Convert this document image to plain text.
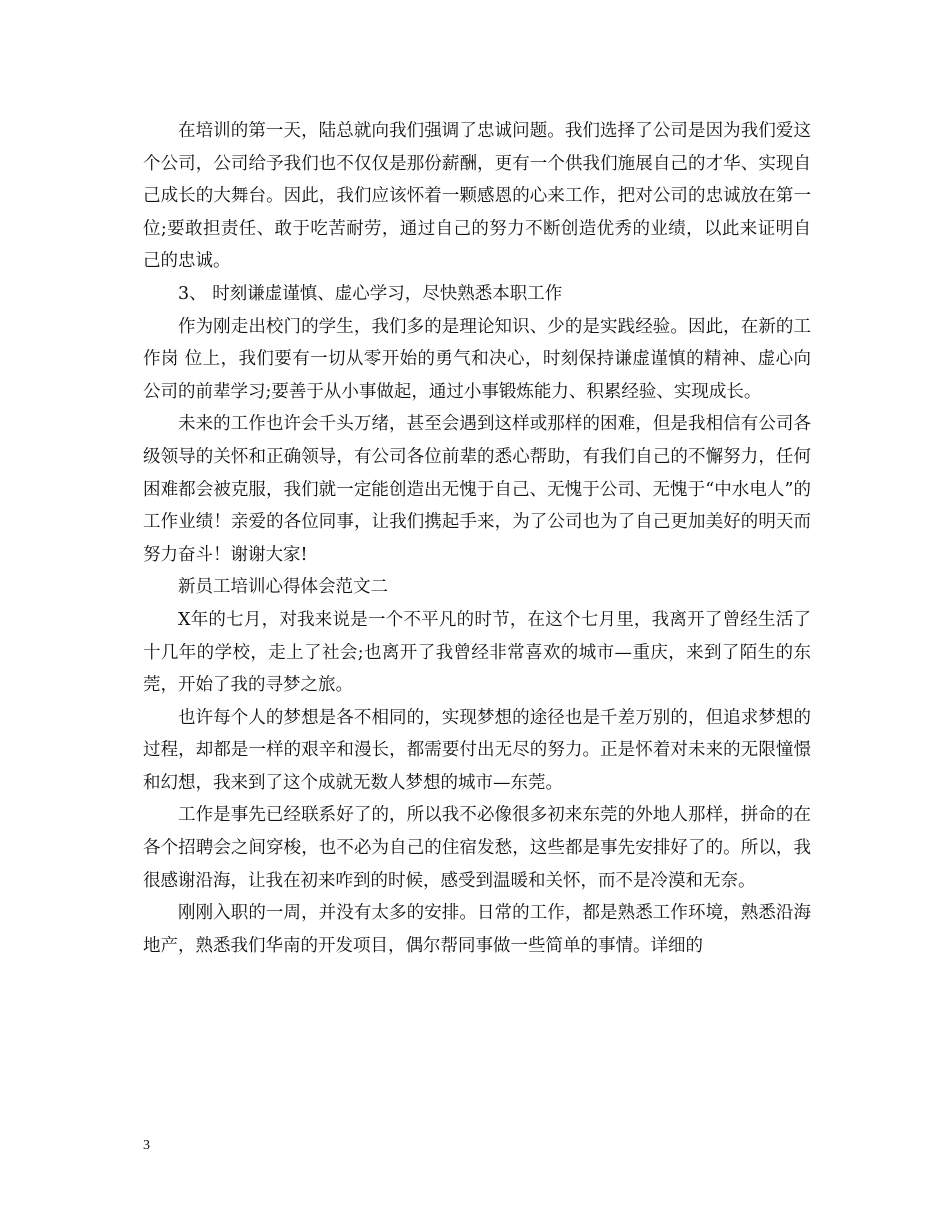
在培训的第一天，陆总就向我们强调了忠诚问题。我们选择了公司是因为我们爱这个公司，公司给予我们也不仅仅是那份薪酬，更有一个供我们施展自己的才华、实现自己成长的大舞台。因此，我们应该怀着一颗感恩的心来工作，把对公司的忠诚放在第一位;要敢担责任、敢于吃苦耐劳，通过自己的努力不断创造优秀的业绩，以此来证明自己的忠诚。

3、 时刻谦虚谨慎、虚心学习，尽快熟悉本职工作

作为刚走出校门的学生，我们多的是理论知识、少的是实践经验。因此，在新的工作岗 位上，我们要有一切从零开始的勇气和决心，时刻保持谦虚谨慎的精神、虚心向公司的前辈学习;要善于从小事做起，通过小事锻炼能力、积累经验、实现成长。

未来的工作也许会千头万绪，甚至会遇到这样或那样的困难，但是我相信有公司各级领导的关怀和正确领导，有公司各位前辈的悉心帮助，有我们自己的不懈努力，任何困难都会被克服，我们就一定能创造出无愧于自己、无愧于公司、无愧于“中水电人”的工作业绩！亲爱的各位同事，让我们携起手来，为了公司也为了自己更加美好的明天而努力奋斗！谢谢大家!

新员工培训心得体会范文二

X年的七月，对我来说是一个不平凡的时节，在这个七月里，我离开了曾经生活了十几年的学校，走上了社会;也离开了我曾经非常喜欢的城市—重庆，来到了陌生的东莞，开始了我的寻梦之旅。

也许每个人的梦想是各不相同的，实现梦想的途径也是千差万别的，但追求梦想的过程，却都是一样的艰辛和漫长，都需要付出无尽的努力。正是怀着对未来的无限憧憬和幻想，我来到了这个成就无数人梦想的城市—东莞。

工作是事先已经联系好了的，所以我不必像很多初来东莞的外地人那样，拼命的在各个招聘会之间穿梭，也不必为自己的住宿发愁，这些都是事先安排好了的。所以，我很感谢沿海，让我在初来咋到的时候，感受到温暖和关怀，而不是冷漠和无奈。

刚刚入职的一周，并没有太多的安排。日常的工作，都是熟悉工作环境，熟悉沿海地产，熟悉我们华南的开发项目，偶尔帮同事做一些简单的事情。详细的

3
